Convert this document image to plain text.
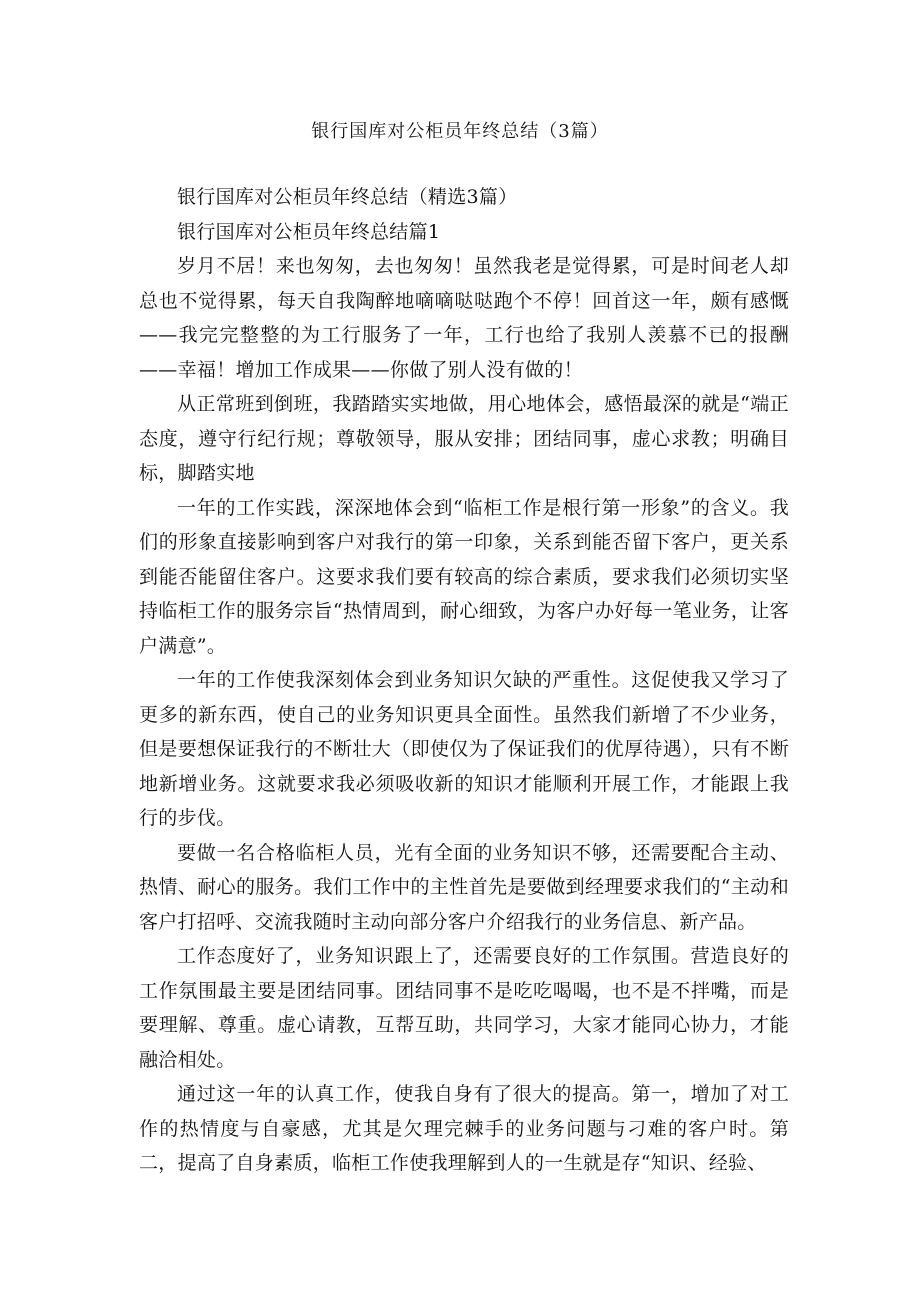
银行国库对公柜员年终总结（3篇）

银行国库对公柜员年终总结（精选3篇）

银行国库对公柜员年终总结篇1

岁月不居！来也匆匆，去也匆匆！虽然我老是觉得累，可是时间老人却总也不觉得累，每天自我陶醉地嘀嘀哒哒跑个不停！回首这一年，颇有感慨——我完完整整的为工行服务了一年，工行也给了我别人羡慕不已的报酬——幸福！增加工作成果——你做了别人没有做的！

从正常班到倒班，我踏踏实实地做，用心地体会，感悟最深的就是“端正态度，遵守行纪行规；尊敬领导，服从安排；团结同事，虚心求教；明确目标，脚踏实地

一年的工作实践，深深地体会到“临柜工作是根行第一形象”的含义。我们的形象直接影响到客户对我行的第一印象，关系到能否留下客户，更关系到能否能留住客户。这要求我们要有较高的综合素质，要求我们必须切实坚持临柜工作的服务宗旨“热情周到，耐心细致，为客户办好每一笔业务，让客户满意”。

一年的工作使我深刻体会到业务知识欠缺的严重性。这促使我又学习了更多的新东西，使自己的业务知识更具全面性。虽然我们新增了不少业务，但是要想保证我行的不断壮大（即使仅为了保证我们的优厚待遇），只有不断地新增业务。这就要求我必须吸收新的知识才能顺利开展工作，才能跟上我行的步伐。

要做一名合格临柜人员，光有全面的业务知识不够，还需要配合主动、热情、耐心的服务。我们工作中的主性首先是要做到经理要求我们的“主动和客户打招呼、交流我随时主动向部分客户介绍我行的业务信息、新产品。

工作态度好了，业务知识跟上了，还需要良好的工作氛围。营造良好的工作氛围最主要是团结同事。团结同事不是吃吃喝喝，也不是不拌嘴，而是要理解、尊重。虚心请教，互帮互助，共同学习，大家才能同心协力，才能融洽相处。

通过这一年的认真工作，使我自身有了很大的提高。第一，增加了对工作的热情度与自豪感，尤其是欠理完棘手的业务问题与刁难的客户时。第二，提高了自身素质，临柜工作使我理解到人的一生就是存“知识、经验、
